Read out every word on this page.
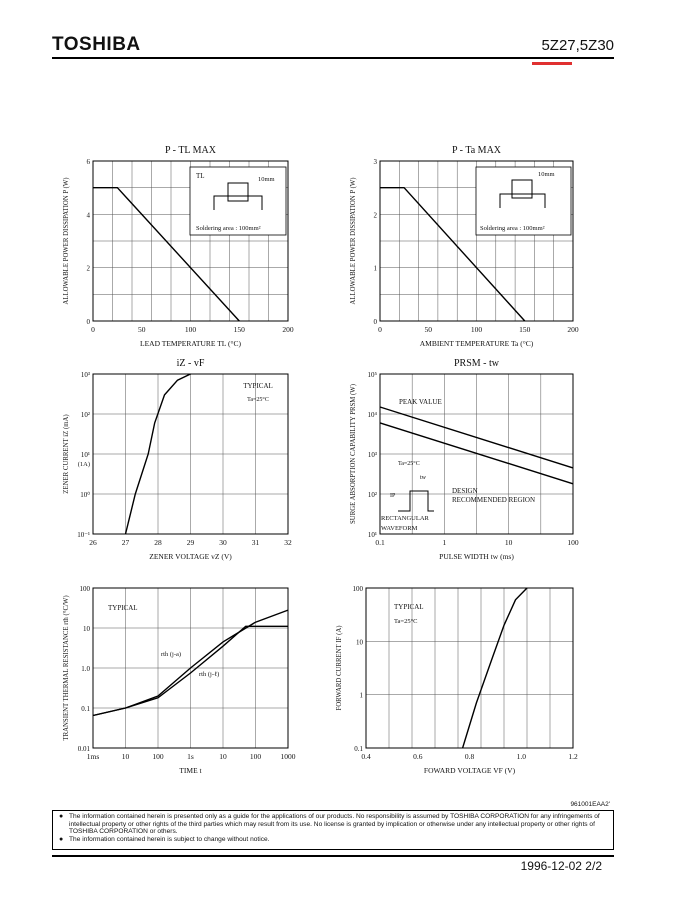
TOSHIBA	5Z27,5Z30
0	50	100	150	200
0
2
4
6
P - TL MAX
LEAD TEMPERATURE TL (°C)
ALLOWABLE POWER DISSIPATION P (W)
0	50	100	150	200
0
1
2
3
P - Ta MAX
AMBIENT TEMPERATURE Ta (°C)
ALLOWABLE POWER DISSIPATION P (W)
26	27	28	29	30	31	32
10³
10²
10¹
10⁰
10⁻¹
(1A)
iZ - vF
ZENER VOLTAGE vZ (V)
ZENER CURRENT iZ (mA)
0.1	1	10	100
10⁵
10⁴
10³
10²
10¹
PRSM - tw
PULSE WIDTH tw (ms)
SURGE ABSORPTION CAPABILITY PRSM (W)
1ms	10	100	1s	10	100	1000
100
10
1.0
0.1
0.01
TIME t
TRANSIENT THERMAL RESISTANCE rth (°C/W)
0.4	0.6	0.8	1.0	1.2
100
10
1
0.1
FOWARD VOLTAGE VF (V)
FORWARD CURRENT IF (A)
TL	10mm
Soldering area : 100mm²
10mm
Soldering area : 100mm²
TYPICAL
Ta=25°C	PEAK VALUE
Ta=25°C
tw
IP
DESIGN
RECOMMENDED REGION
RECTANGULAR
WAVEFORM
TYPICAL
rth (j-a)
rth (j-ℓ)
TYPICAL
Ta=25°C
961001EAA2'
● The information contained herein is presented only as a guide for the applications of our products. No responsibility is assumed by TOSHIBA CORPORATION for any infringements of intellectual property or other rights of the third parties which may result from its use. No license is granted by implication or otherwise under any intellectual property or other rights of TOSHIBA CORPORATION or others.
● The information contained herein is subject to change without notice.
1996-12-02 2/2
